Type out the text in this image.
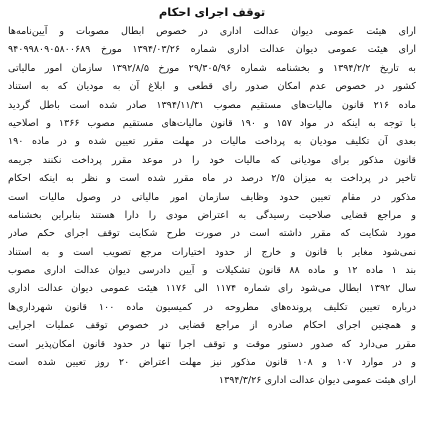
توقف اجرای احکام
ارای هیئت عمومی دیوان عدالت اداری در خصوص ابطال مصوبات و آیین‌نامه‌ها
ارای هیئت عمومی دیوان عدالت اداری شماره ۱۳۹۴/۰۳/۲۶ مورخ ۹۴۰۹۹۸۰۹۰۵۸۰۰۶۸۹
به تاریخ ۱۳۹۴/۲/۲ و بخشنامه شماره ۲۹/۳۰۵/۹۶ مورخ ۱۳۹۲/۸/۵ سازمان امور مالیاتی
کشور در خصوص عدم امکان صدور رای قطعی و ابلاغ آن به مودیان که به استناد
ماده ۲۱۶ قانون مالیات‌های مستقیم مصوب ۱۳۹۴/۱۱/۳۱ صادر شده است باطل گردید
با توجه به اینکه در مواد ۱۵۷ و ۱۹۰ قانون مالیات‌های مستقیم مصوب ۱۳۶۶ و اصلاحیه
بعدی آن تکلیف مودیان به پرداخت مالیات در مهلت مقرر تعیین شده و در ماده ۱۹۰
قانون مذکور برای مودیانی که مالیات خود را در موعد مقرر پرداخت نکنند جریمه
تاخیر در پرداخت به میزان ۲/۵ درصد در ماه مقرر شده است و نظر به اینکه احکام
مذکور در مقام تعیین حدود وظایف سازمان امور مالیاتی در وصول مالیات است
و مراجع قضایی صلاحیت رسیدگی به اعتراض مودی را دارا هستند بنابراین بخشنامه
مورد شکایت که مقرر داشته است در صورت طرح شکایت توقف اجرای حکم صادر
نمی‌شود مغایر با قانون و خارج از حدود اختیارات مرجع تصویب است و به استناد
بند ۱ ماده ۱۲ و ماده ۸۸ قانون تشکیلات و آیین دادرسی دیوان عدالت اداری مصوب
سال ۱۳۹۲ ابطال می‌شود رای شماره ۱۱۷۴ الی ۱۱۷۶ هیئت عمومی دیوان عدالت اداری
درباره تعیین تکلیف پرونده‌های مطروحه در کمیسیون ماده ۱۰۰ قانون شهرداری‌ها
و همچنین اجرای احکام صادره از مراجع قضایی در خصوص توقف عملیات اجرایی
مقرر می‌دارد که صدور دستور موقت و توقف اجرا تنها در حدود قانون امکان‌پذیر است
و در موارد ۱۰۷ و ۱۰۸ قانون مذکور نیز مهلت اعتراض ۲۰ روز تعیین شده است
ارای هیئت عمومی دیوان عدالت اداری ۱۳۹۴/۳/۲۶
